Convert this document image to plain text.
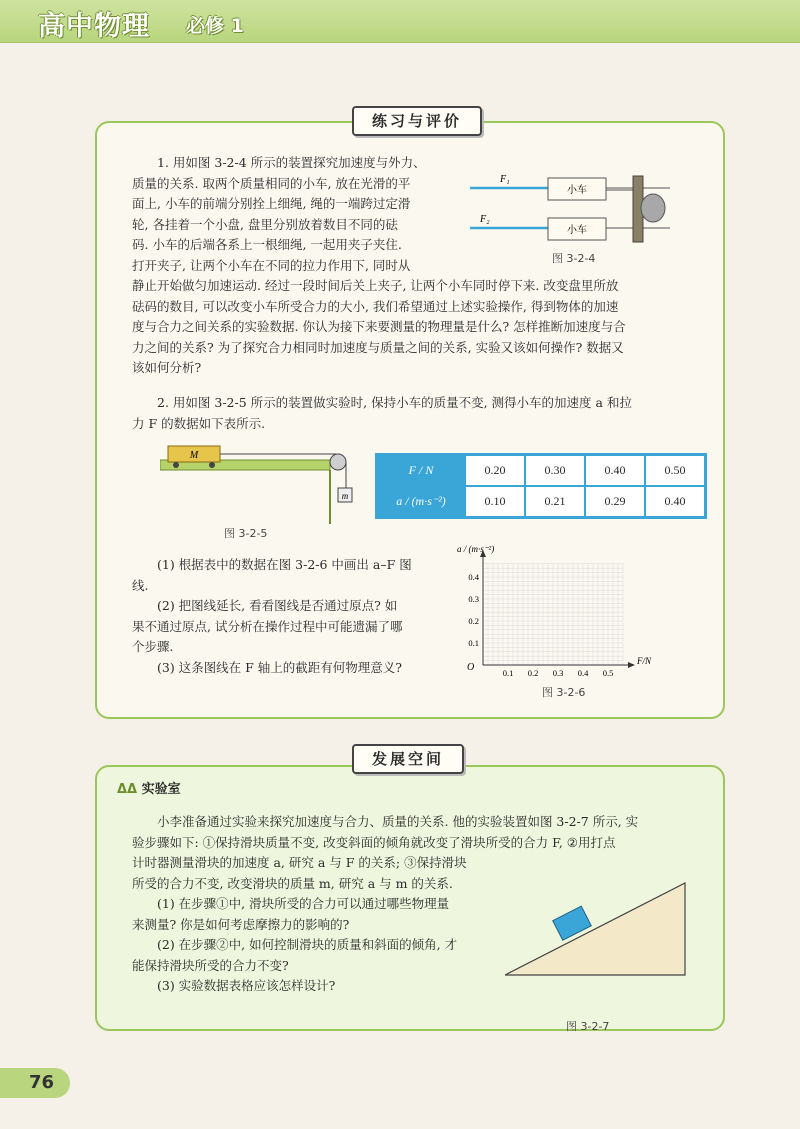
高中物理 必修 1
练习与评价
1. 用如图 3-2-4 所示的装置探究加速度与外力、
质量的关系. 取两个质量相同的小车, 放在光滑的平
面上, 小车的前端分别拴上细绳, 绳的一端跨过定滑
轮, 各挂着一个小盘, 盘里分别放着数目不同的砝
码. 小车的后端各系上一根细绳, 一起用夹子夹住.
打开夹子, 让两个小车在不同的拉力作用下, 同时从
静止开始做匀加速运动. 经过一段时间后关上夹子, 让两个小车同时停下来. 改变盘里所放
砝码的数目, 可以改变小车所受合力的大小, 我们希望通过上述实验操作, 得到物体的加速
度与合力之间关系的实验数据. 你认为接下来要测量的物理量是什么? 怎样推断加速度与合
力之间的关系? 为了探究合力相同时加速度与质量之间的关系, 实验又该如何操作? 数据又
该如何分析?
F₁
F₂
小车
小车
图 3-2-4
2. 用如图 3-2-5 所示的装置做实验时, 保持小车的质量不变, 测得小车的加速度 a 和拉
力 F 的数据如下表所示.
M
m
图 3-2-5
F / N	0.20	0.30	0.40	0.50
a / (m·s⁻²)	0.10	0.21	0.29	0.40
(1) 根据表中的数据在图 3-2-6 中画出 a–F 图
线.
(2) 把图线延长, 看看图线是否通过原点? 如
果不通过原点, 试分析在操作过程中可能遗漏了哪
个步骤.
(3) 这条图线在 F 轴上的截距有何物理意义?
a / (m·s⁻²)
F/N
O	0.1 0.2 0.3 0.4 0.5
0.1
0.2
0.3
0.4
图 3-2-6
发展空间
ᐃᐃ 实验室
小李准备通过实验来探究加速度与合力、质量的关系. 他的实验装置如图 3-2-7 所示, 实
验步骤如下: ①保持滑块质量不变, 改变斜面的倾角就改变了滑块所受的合力 F, ②用打点
计时器测量滑块的加速度 a, 研究 a 与 F 的关系; ③保持滑块
所受的合力不变, 改变滑块的质量 m, 研究 a 与 m 的关系.
(1) 在步骤①中, 滑块所受的合力可以通过哪些物理量
来测量? 你是如何考虑摩擦力的影响的?
(2) 在步骤②中, 如何控制滑块的质量和斜面的倾角, 才
能保持滑块所受的合力不变?
(3) 实验数据表格应该怎样设计?
图 3-2-7
76
